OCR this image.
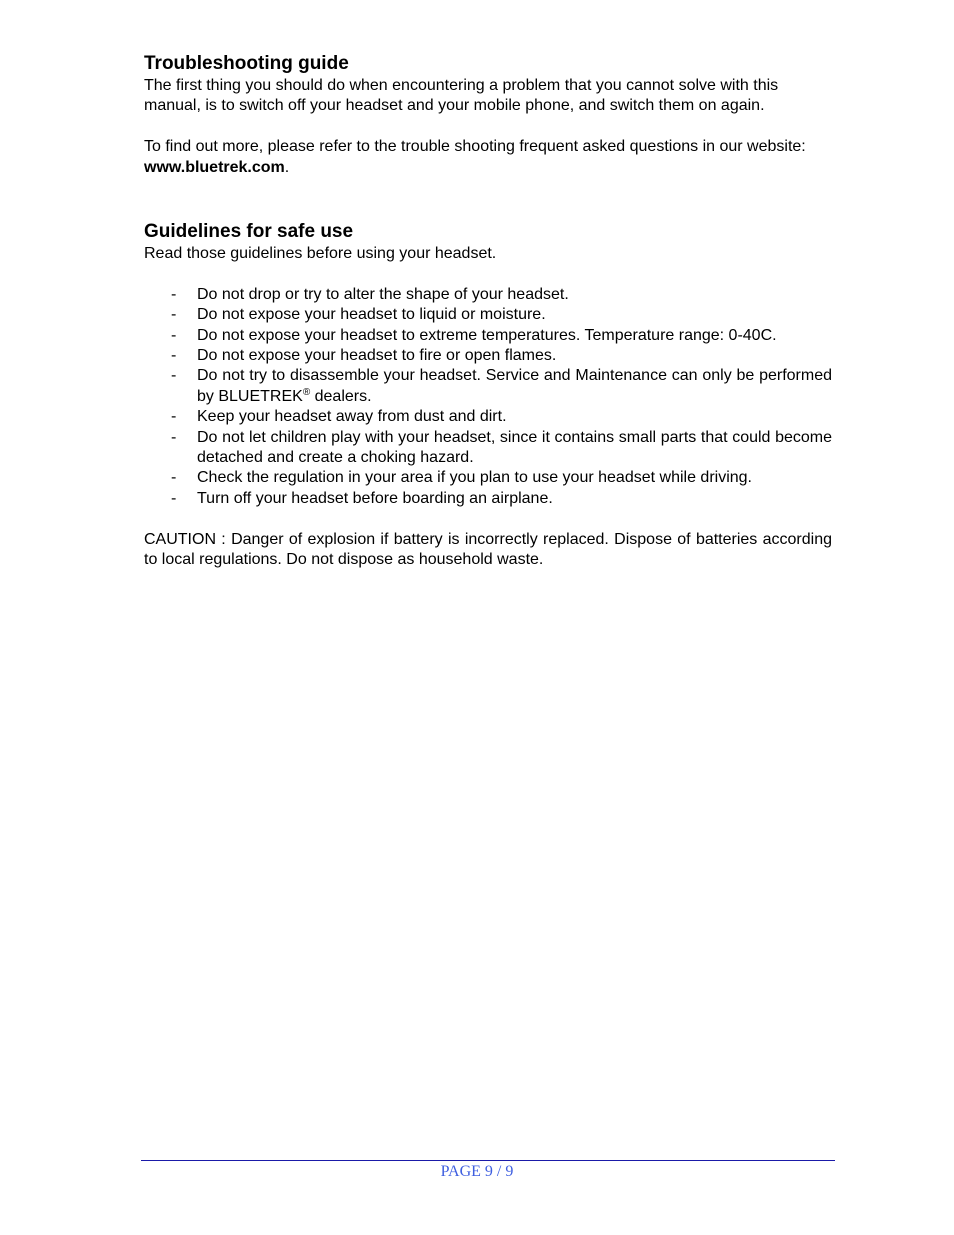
Troubleshooting guide

The first thing you should do when encountering a problem that you cannot solve with this manual, is to switch off your headset and your mobile phone, and switch them on again.

To find out more, please refer to the trouble shooting frequent asked questions in our website: www.bluetrek.com.

Guidelines for safe use

Read those guidelines before using your headset.

- Do not drop or try to alter the shape of your headset.
- Do not expose your headset to liquid or moisture.
- Do not expose your headset to extreme temperatures. Temperature range: 0-40C.
- Do not expose your headset to fire or open flames.
- Do not try to disassemble your headset. Service and Maintenance can only be performed by BLUETREK® dealers.
- Keep your headset away from dust and dirt.
- Do not let children play with your headset, since it contains small parts that could become detached and create a choking hazard.
- Check the regulation in your area if you plan to use your headset while driving.
- Turn off your headset before boarding an airplane.

CAUTION : Danger of explosion if battery is incorrectly replaced. Dispose of batteries according to local regulations. Do not dispose as household waste.

PAGE 9 / 9
